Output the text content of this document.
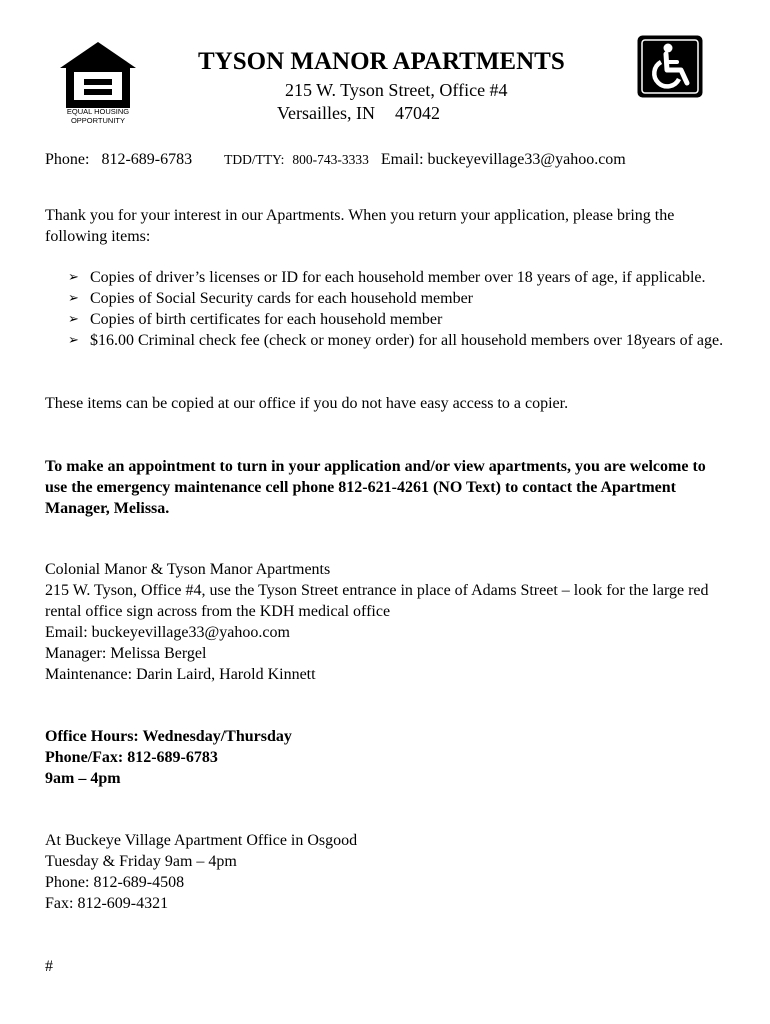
EQUAL HOUSING
OPPORTUNITY
TYSON MANOR APARTMENTS
215 W. Tyson Street, Office #4
Versailles, IN 47042
Phone: 812-689-6783 TDD/TTY: 800-743-3333 Email: buckeyevillage33@yahoo.com
Thank you for your interest in our Apartments. When you return your application, please bring the following items:
➢ Copies of driver’s licenses or ID for each household member over 18 years of age, if applicable.
➢ Copies of Social Security cards for each household member
➢ Copies of birth certificates for each household member
➢ $16.00 Criminal check fee (check or money order) for all household members over 18years of age.
These items can be copied at our office if you do not have easy access to a copier.
To make an appointment to turn in your application and/or view apartments, you are welcome to use the emergency maintenance cell phone 812-621-4261 (NO Text) to contact the Apartment Manager, Melissa.
Colonial Manor & Tyson Manor Apartments
215 W. Tyson, Office #4, use the Tyson Street entrance in place of Adams Street – look for the large red rental office sign across from the KDH medical office
Email: buckeyevillage33@yahoo.com
Manager: Melissa Bergel
Maintenance: Darin Laird, Harold Kinnett
Office Hours: Wednesday/Thursday
Phone/Fax: 812-689-6783
9am – 4pm
At Buckeye Village Apartment Office in Osgood
Tuesday & Friday 9am – 4pm
Phone: 812-689-4508
Fax: 812-609-4321
#
